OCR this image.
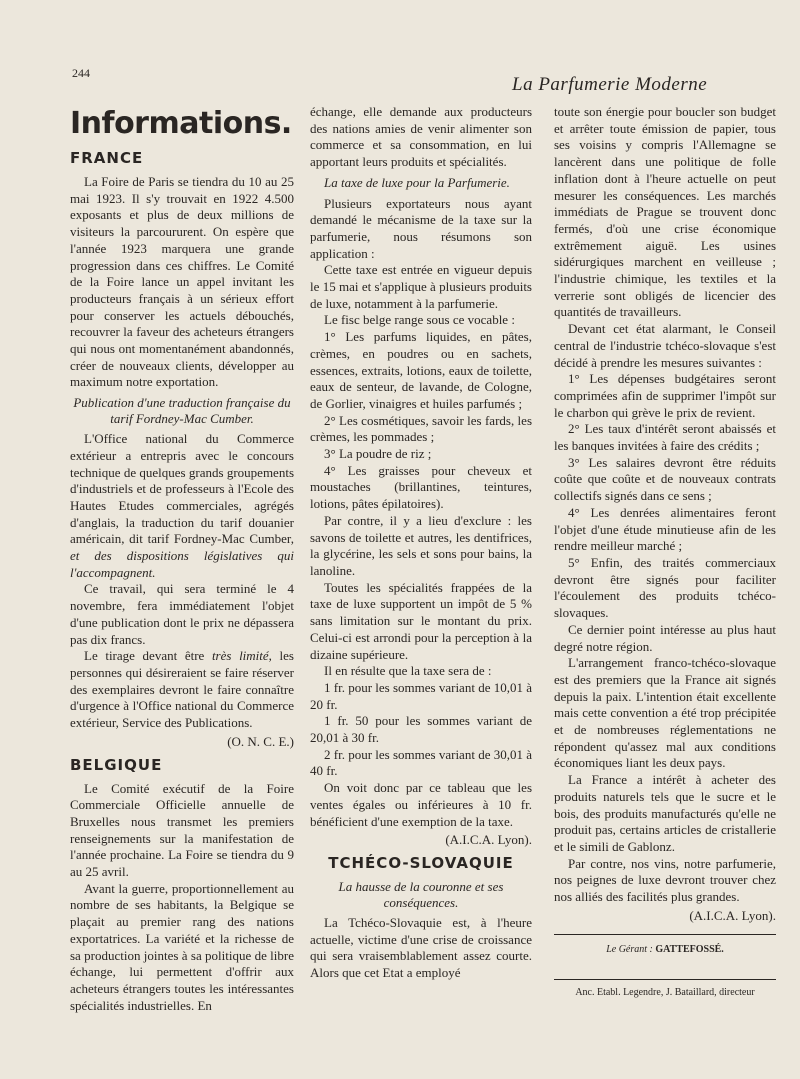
244
La Parfumerie Moderne
Informations.
FRANCE

La Foire de Paris se tiendra du 10 au 25 mai 1923. Il s'y trouvait en 1922 4.500 exposants et plus de deux millions de visiteurs la parcoururent. On espère que l'année 1923 marquera une grande progression dans ces chiffres. Le Comité de la Foire lance un appel invitant les producteurs français à un sérieux effort pour conserver les actuels débouchés, recouvrer la faveur des acheteurs étrangers qui nous ont momentanément abandonnés, créer de nouveaux clients, développer au maximum notre exportation.

Publication d'une traduction française du tarif Fordney-Mac Cumber.

L'Office national du Commerce extérieur a entrepris avec le concours technique de quelques grands groupements d'industriels et de professeurs à l'Ecole des Hautes Etudes commerciales, agrégés d'anglais, la traduction du tarif douanier américain, dit tarif Fordney-Mac Cumber, et des dispositions législatives qui l'accompagnent.

Ce travail, qui sera terminé le 4 novembre, fera immédiatement l'objet d'une publication dont le prix ne dépassera pas dix francs.

Le tirage devant être très limité, les personnes qui désireraient se faire réserver des exemplaires devront le faire connaître d'urgence à l'Office national du Commerce extérieur, Service des Publications.

(O. N. C. E.)

BELGIQUE

Le Comité exécutif de la Foire Commerciale Officielle annuelle de Bruxelles nous transmet les premiers renseignements sur la manifestation de l'année prochaine. La Foire se tiendra du 9 au 25 avril.

Avant la guerre, proportionnellement au nombre de ses habitants, la Belgique se plaçait au premier rang des nations exportatrices. La variété et la richesse de sa production jointes à sa politique de libre échange, lui permettent d'offrir aux acheteurs étrangers toutes les intéressantes spécialités industrielles. En

échange, elle demande aux producteurs des nations amies de venir alimenter son commerce et sa consommation, en lui apportant leurs produits et spécialités.

La taxe de luxe pour la Parfumerie.

Plusieurs exportateurs nous ayant demandé le mécanisme de la taxe sur la parfumerie, nous résumons son application :

Cette taxe est entrée en vigueur depuis le 15 mai et s'applique à plusieurs produits de luxe, notamment à la parfumerie.

Le fisc belge range sous ce vocable :

1° Les parfums liquides, en pâtes, crèmes, en poudres ou en sachets, essences, extraits, lotions, eaux de toilette, eaux de senteur, de lavande, de Cologne, de Gorlier, vinaigres et huiles parfumés ;

2° Les cosmétiques, savoir les fards, les crèmes, les pommades ;

3° La poudre de riz ;

4° Les graisses pour cheveux et moustaches (brillantines, teintures, lotions, pâtes épilatoires).

Par contre, il y a lieu d'exclure : les savons de toilette et autres, les dentifrices, la glycérine, les sels et sons pour bains, la lanoline.

Toutes les spécialités frappées de la taxe de luxe supportent un impôt de 5 % sans limitation sur le montant du prix. Celui-ci est arrondi pour la perception à la dizaine supérieure.

Il en résulte que la taxe sera de :

1 fr. pour les sommes variant de 10,01 à 20 fr.

1 fr. 50 pour les sommes variant de 20,01 à 30 fr.

2 fr. pour les sommes variant de 30,01 à 40 fr.

On voit donc par ce tableau que les ventes égales ou inférieures à 10 fr. bénéficient d'une exemption de la taxe.

(A.I.C.A. Lyon).

TCHÉCO-SLOVAQUIE
La hausse de la couronne et ses conséquences.

La Tchéco-Slovaquie est, à l'heure actuelle, victime d'une crise de croissance qui sera vraisemblablement assez courte. Alors que cet Etat a employé

toute son énergie pour boucler son budget et arrêter toute émission de papier, tous ses voisins y compris l'Allemagne se lancèrent dans une politique de folle inflation dont à l'heure actuelle on peut mesurer les conséquences. Les marchés immédiats de Prague se trouvent donc fermés, d'où une crise économique extrêmement aiguë. Les usines sidérurgiques marchent en veilleuse ; l'industrie chimique, les textiles et la verrerie sont obligés de licencier des quantités de travailleurs.

Devant cet état alarmant, le Conseil central de l'industrie tchéco-slovaque s'est décidé à prendre les mesures suivantes :

1° Les dépenses budgétaires seront comprimées afin de supprimer l'impôt sur le charbon qui grève le prix de revient.

2° Les taux d'intérêt seront abaissés et les banques invitées à faire des crédits ;

3° Les salaires devront être réduits coûte que coûte et de nouveaux contrats collectifs signés dans ce sens ;

4° Les denrées alimentaires feront l'objet d'une étude minutieuse afin de les rendre meilleur marché ;

5° Enfin, des traités commerciaux devront être signés pour faciliter l'écoulement des produits tchéco-slovaques.

Ce dernier point intéresse au plus haut degré notre région.

L'arrangement franco-tchéco-slovaque est des premiers que la France ait signés depuis la paix. L'intention était excellente mais cette convention a été trop précipitée et de nombreuses réglementations ne répondent qu'assez mal aux conditions économiques liant les deux pays.

La France a intérêt à acheter des produits naturels tels que le sucre et le bois, des produits manufacturés qu'elle ne produit pas, certains articles de cristallerie et le simili de Gablonz.

Par contre, nos vins, notre parfumerie, nos peignes de luxe devront trouver chez nos alliés des facilités plus grandes.

(A.I.C.A. Lyon).

Le Gérant : GATTEFOSSÉ.

Anc. Etabl. Legendre, J. Bataillard, directeur
